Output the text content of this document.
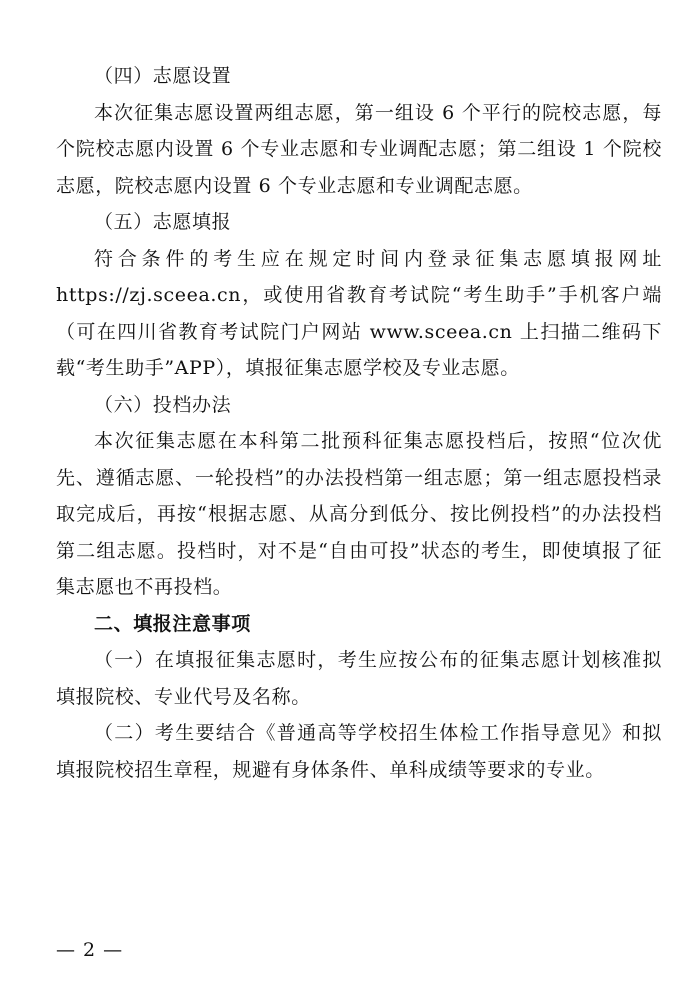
（四）志愿设置

本次征集志愿设置两组志愿，第一组设 6 个平行的院校志愿，每个院校志愿内设置 6 个专业志愿和专业调配志愿；第二组设 1 个院校志愿，院校志愿内设置 6 个专业志愿和专业调配志愿。

（五）志愿填报

符合条件的考生应在规定时间内登录征集志愿填报网址 https://zj.sceea.cn，或使用省教育考试院“考生助手”手机客户端（可在四川省教育考试院门户网站 www.sceea.cn 上扫描二维码下载“考生助手”APP），填报征集志愿学校及专业志愿。

（六）投档办法

本次征集志愿在本科第二批预科征集志愿投档后，按照“位次优先、遵循志愿、一轮投档”的办法投档第一组志愿；第一组志愿投档录取完成后，再按“根据志愿、从高分到低分、按比例投档”的办法投档第二组志愿。投档时，对不是“自由可投”状态的考生，即使填报了征集志愿也不再投档。

二、填报注意事项

（一）在填报征集志愿时，考生应按公布的征集志愿计划核准拟填报院校、专业代号及名称。

（二）考生要结合《普通高等学校招生体检工作指导意见》和拟填报院校招生章程，规避有身体条件、单科成绩等要求的专业。

— 2 —
